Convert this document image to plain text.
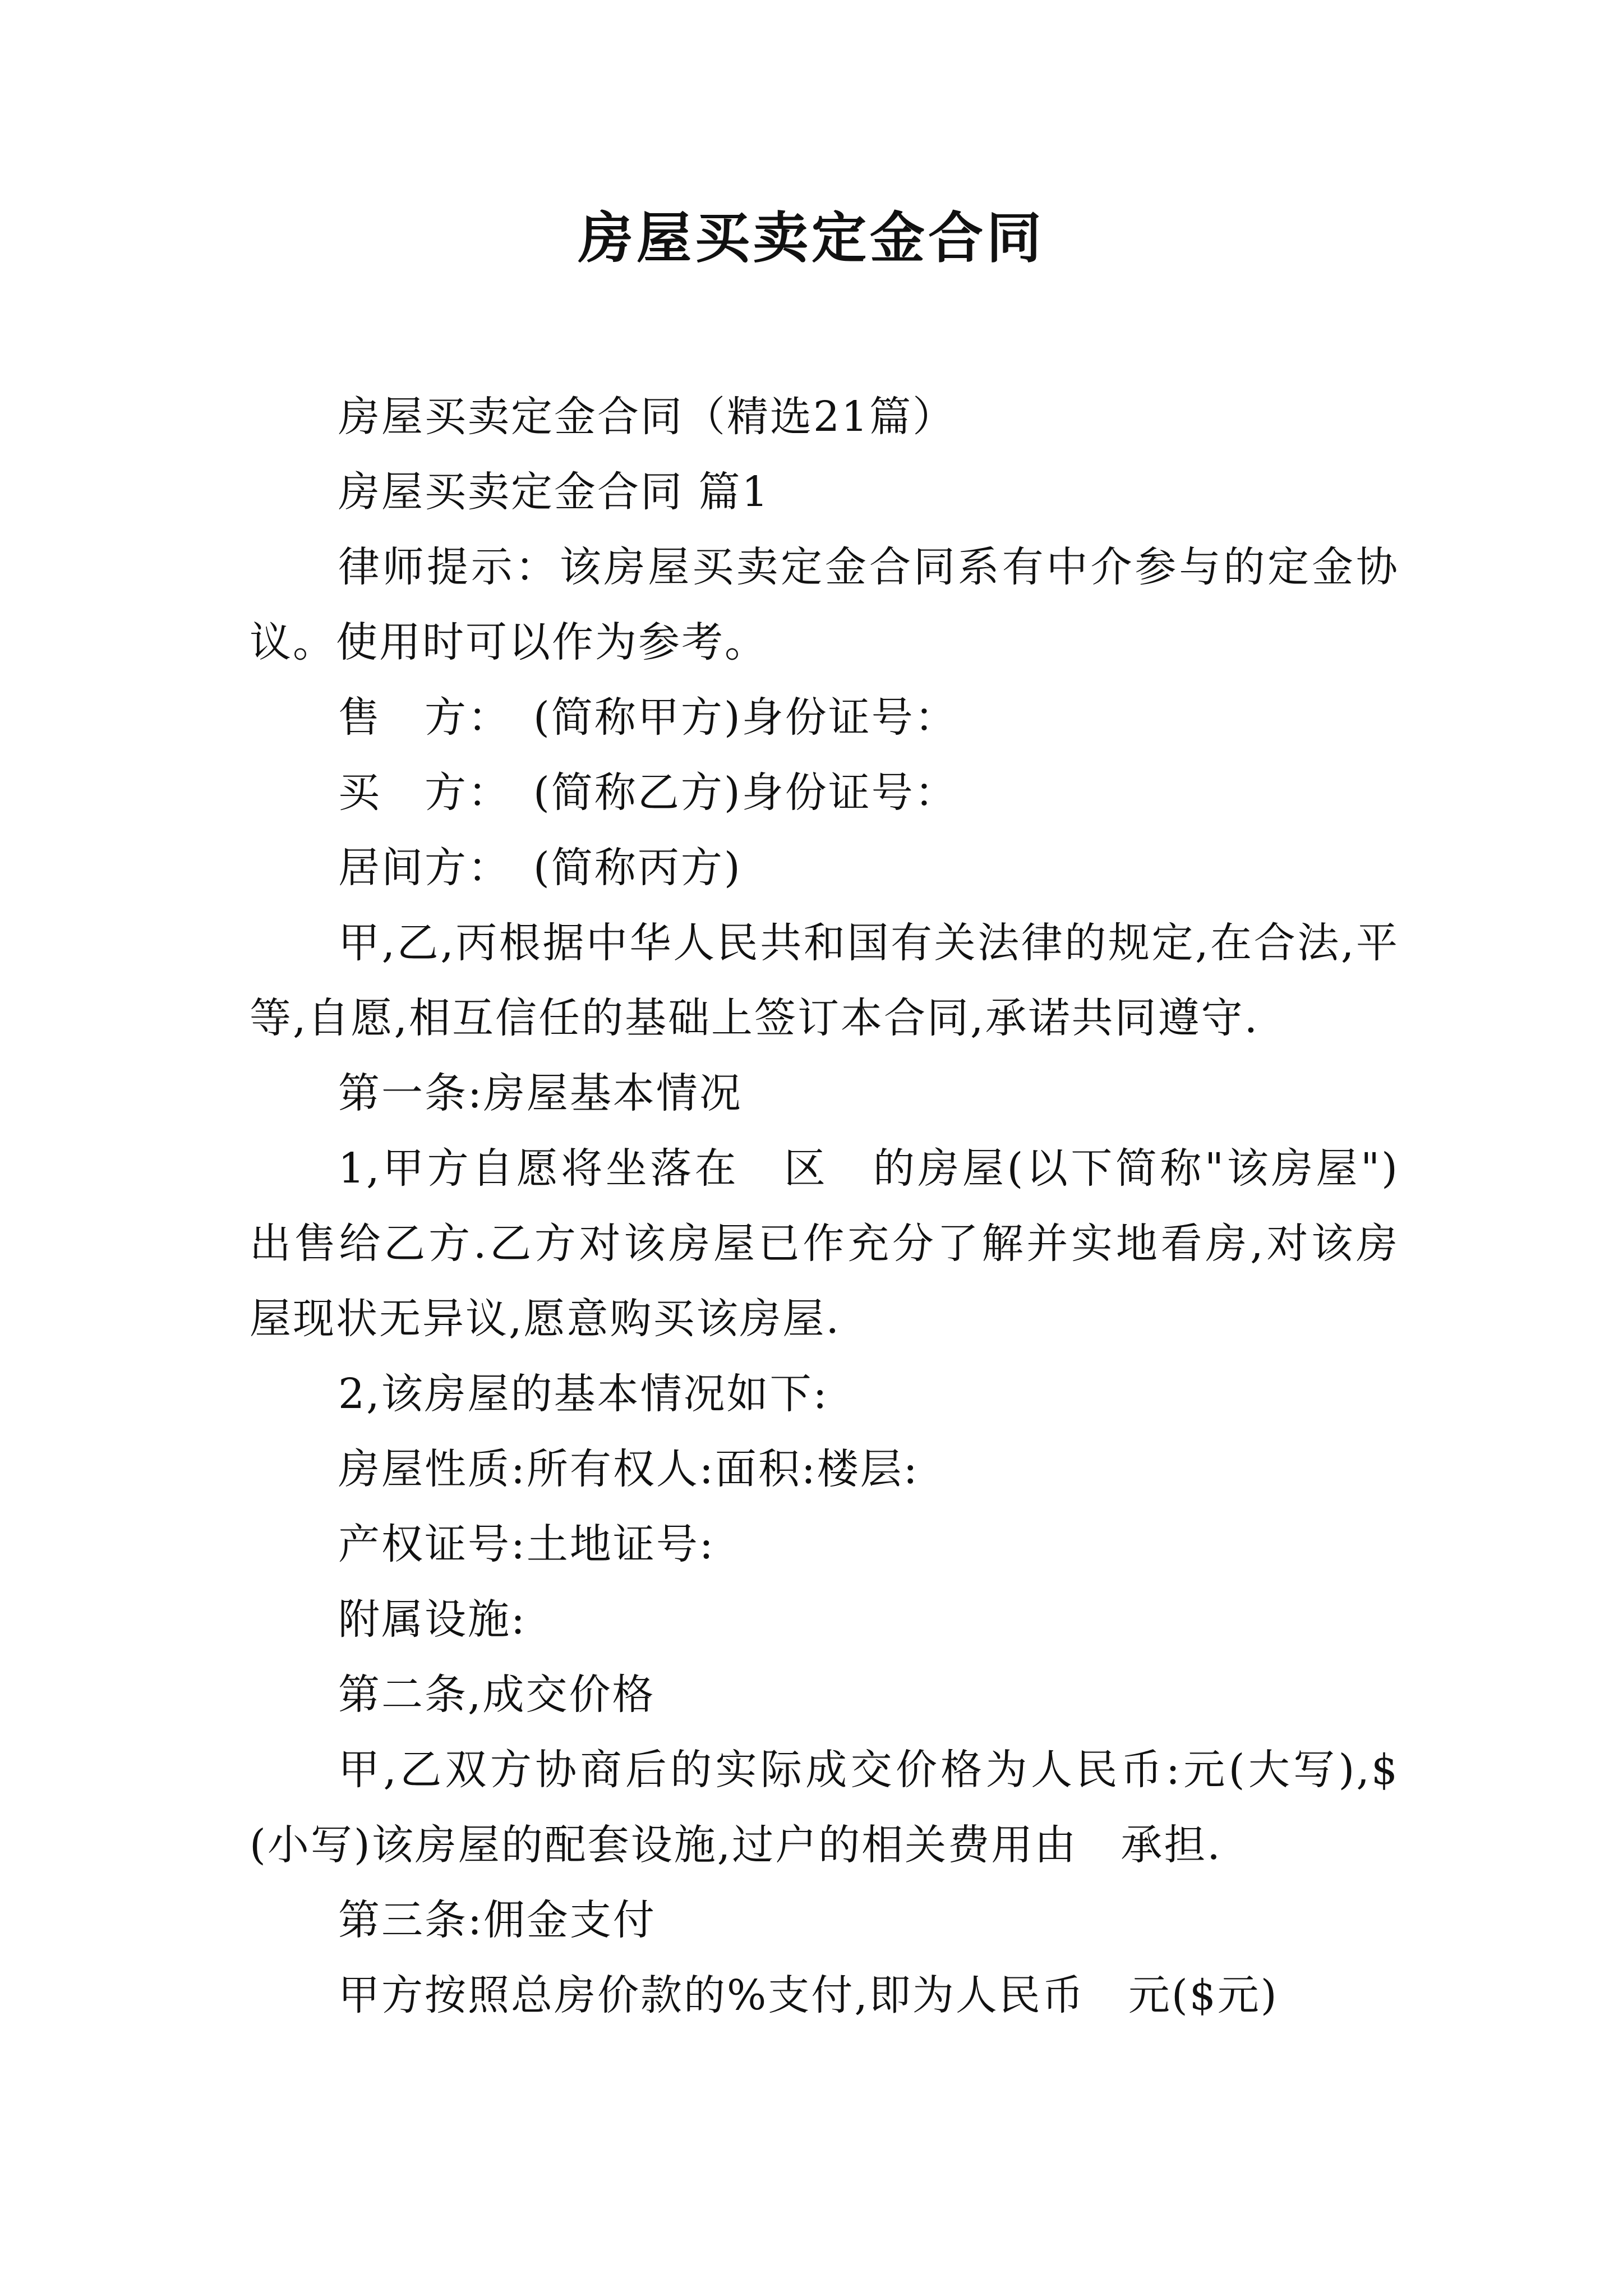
房屋买卖定金合同

房屋买卖定金合同（精选21篇）

房屋买卖定金合同 篇1

律师提示：该房屋买卖定金合同系有中介参与的定金协议。使用时可以作为参考。

售　方：　(简称甲方)身份证号：

买　方：　(简称乙方)身份证号：

居间方：　(简称丙方)

甲,乙,丙根据中华人民共和国有关法律的规定,在合法,平等,自愿,相互信任的基础上签订本合同,承诺共同遵守.

第一条:房屋基本情况

1,甲方自愿将坐落在　区　的房屋(以下简称"该房屋")出售给乙方.乙方对该房屋已作充分了解并实地看房,对该房屋现状无异议,愿意购买该房屋.

2,该房屋的基本情况如下:

房屋性质:所有权人:面积:楼层:

产权证号:土地证号:

附属设施:

第二条,成交价格

甲,乙双方协商后的实际成交价格为人民币:元(大写),$　(小写)该房屋的配套设施,过户的相关费用由　承担.

第三条:佣金支付

甲方按照总房价款的%支付,即为人民币　元($元)
